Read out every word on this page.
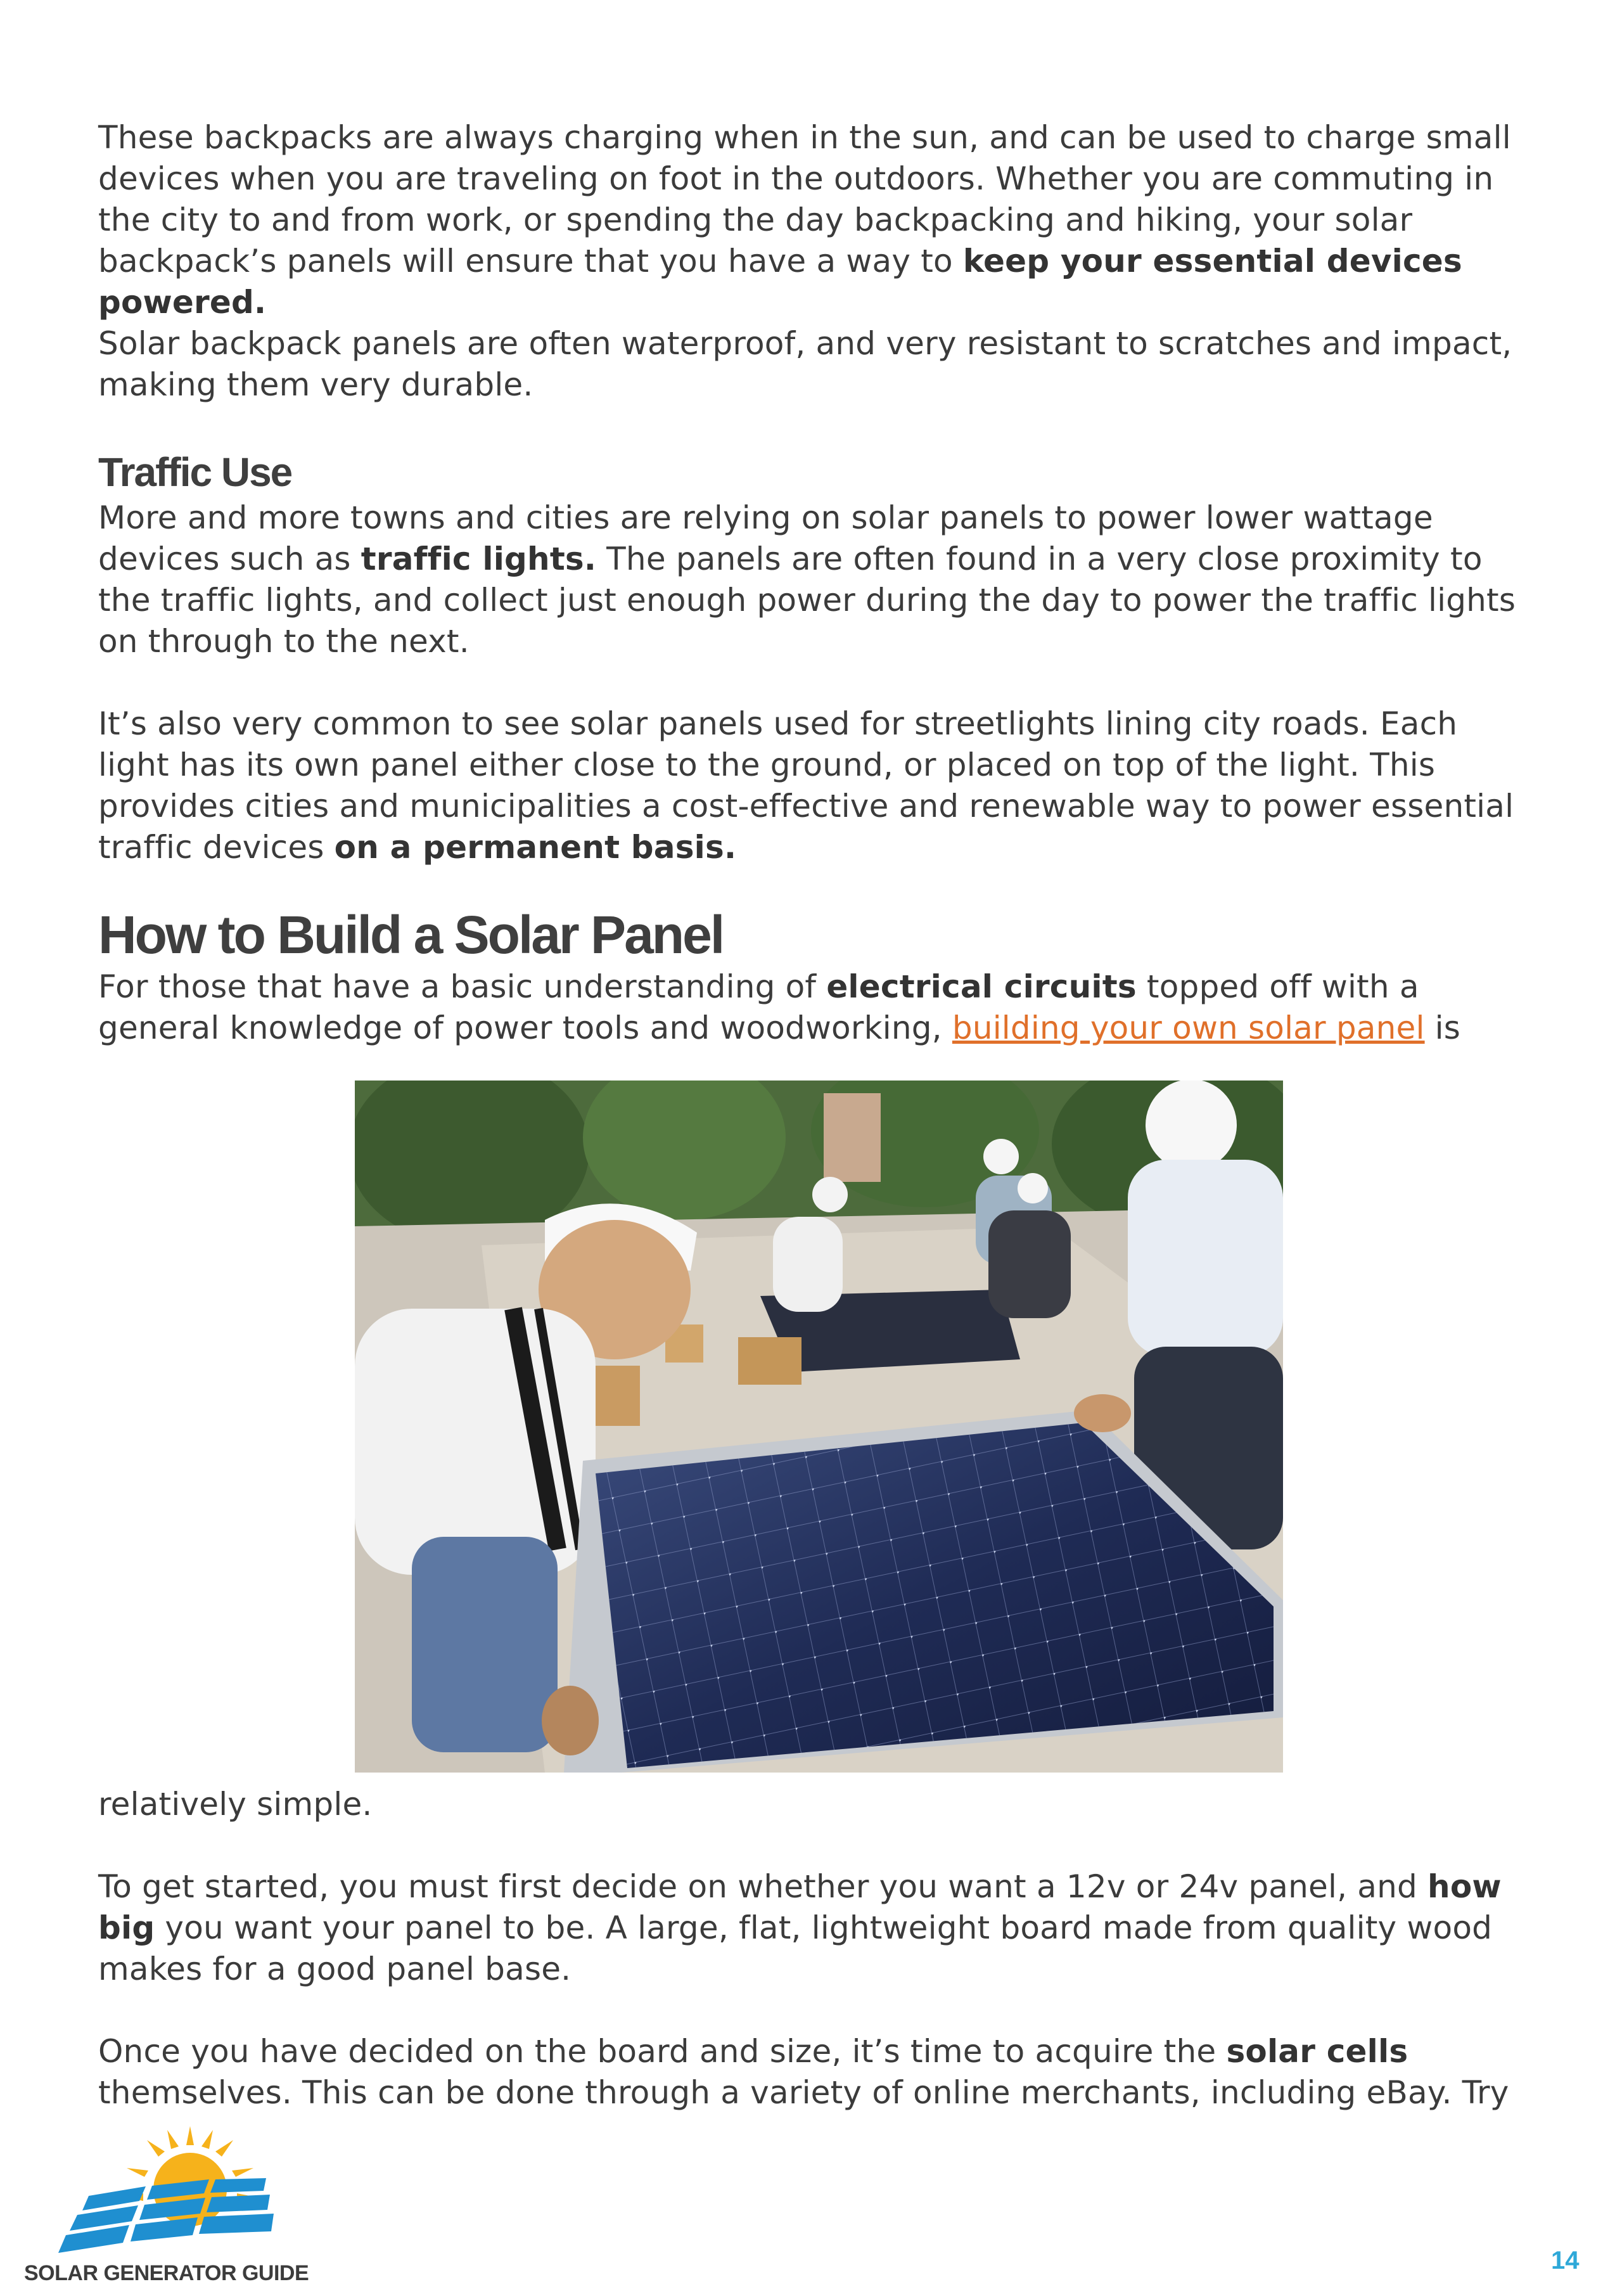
These backpacks are always charging when in the sun, and can be used to charge small devices when you are traveling on foot in the outdoors. Whether you are commuting in the city to and from work, or spending the day backpacking and hiking, your solar backpack’s panels will ensure that you have a way to keep your essential devices powered.

Solar backpack panels are often waterproof, and very resistant to scratches and impact, making them very durable.

Traffic Use

More and more towns and cities are relying on solar panels to power lower wattage devices such as traffic lights. The panels are often found in a very close proximity to the traffic lights, and collect just enough power during the day to power the traffic lights on through to the next.

It’s also very common to see solar panels used for streetlights lining city roads. Each light has its own panel either close to the ground, or placed on top of the light. This provides cities and municipalities a cost-effective and renewable way to power essential traffic devices on a permanent basis.

How to Build a Solar Panel

For those that have a basic understanding of electrical circuits topped off with a general knowledge of power tools and woodworking, building your own solar panel is

relatively simple.

To get started, you must first decide on whether you want a 12v or 24v panel, and how big you want your panel to be. A large, flat, lightweight board made from quality wood makes for a good panel base.

Once you have decided on the board and size, it’s time to acquire the solar cells themselves. This can be done through a variety of online merchants, including eBay. Try

SOLAR GENERATOR GUIDE	14
